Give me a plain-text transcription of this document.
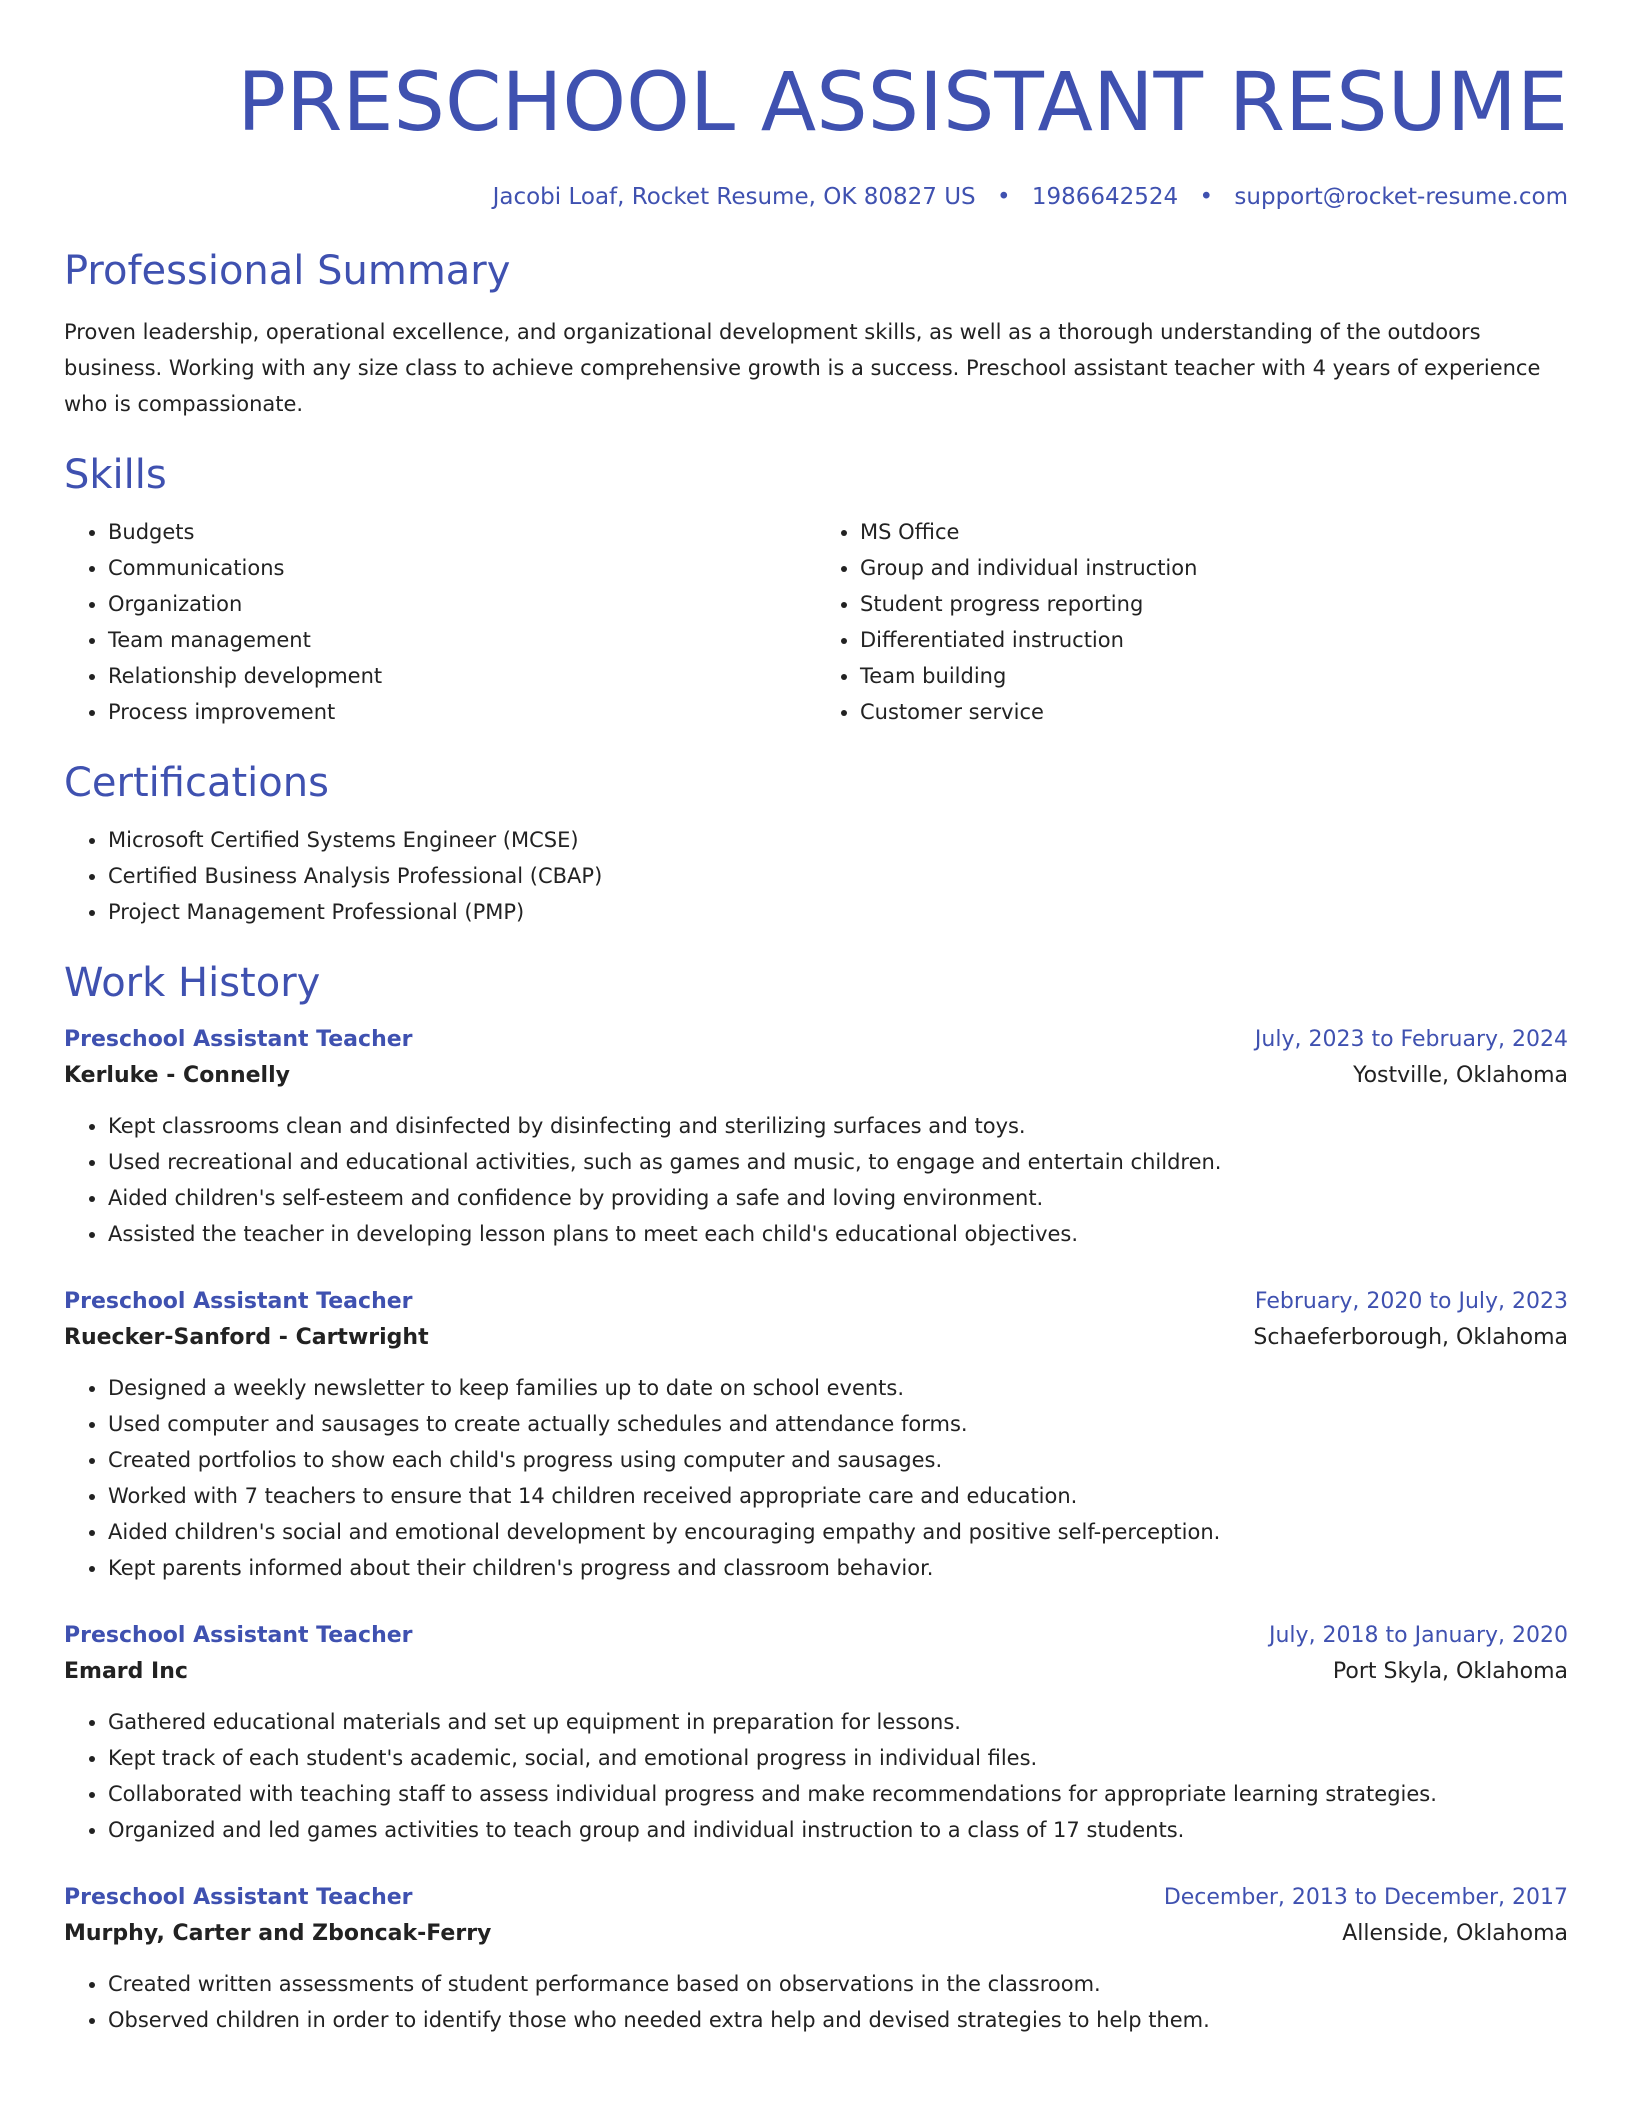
PRESCHOOL ASSISTANT RESUME
Jacobi Loaf, Rocket Resume, OK 80827 US • 1986642524 • support@rocket-resume.com
Professional Summary

Proven leadership, operational excellence, and organizational development skills, as well as a thorough understanding of the outdoors business. Working with any size class to achieve comprehensive growth is a success. Preschool assistant teacher with 4 years of experience who is compassionate.

Skills
• Budgets
• Communications
• Organization
• Team management
• Relationship development
• Process improvement
• MS Office
• Group and individual instruction
• Student progress reporting
• Differentiated instruction
• Team building
• Customer service
Certifications
• Microsoft Certified Systems Engineer (MCSE)
• Certified Business Analysis Professional (CBAP)
• Project Management Professional (PMP)
Work History
Preschool Assistant Teacher	July, 2023 to February, 2024
Kerluke - Connelly	Yostville, Oklahoma
• Kept classrooms clean and disinfected by disinfecting and sterilizing surfaces and toys.
• Used recreational and educational activities, such as games and music, to engage and entertain children.
• Aided children's self-esteem and confidence by providing a safe and loving environment.
• Assisted the teacher in developing lesson plans to meet each child's educational objectives.
Preschool Assistant Teacher	February, 2020 to July, 2023
Ruecker-Sanford - Cartwright	Schaeferborough, Oklahoma
• Designed a weekly newsletter to keep families up to date on school events.
• Used computer and sausages to create actually schedules and attendance forms.
• Created portfolios to show each child's progress using computer and sausages.
• Worked with 7 teachers to ensure that 14 children received appropriate care and education.
• Aided children's social and emotional development by encouraging empathy and positive self-perception.
• Kept parents informed about their children's progress and classroom behavior.
Preschool Assistant Teacher	July, 2018 to January, 2020
Emard Inc	Port Skyla, Oklahoma
• Gathered educational materials and set up equipment in preparation for lessons.
• Kept track of each student's academic, social, and emotional progress in individual files.
• Collaborated with teaching staff to assess individual progress and make recommendations for appropriate learning strategies.
• Organized and led games activities to teach group and individual instruction to a class of 17 students.
Preschool Assistant Teacher	December, 2013 to December, 2017
Murphy, Carter and Zboncak-Ferry	Allenside, Oklahoma
• Created written assessments of student performance based on observations in the classroom.
• Observed children in order to identify those who needed extra help and devised strategies to help them.
